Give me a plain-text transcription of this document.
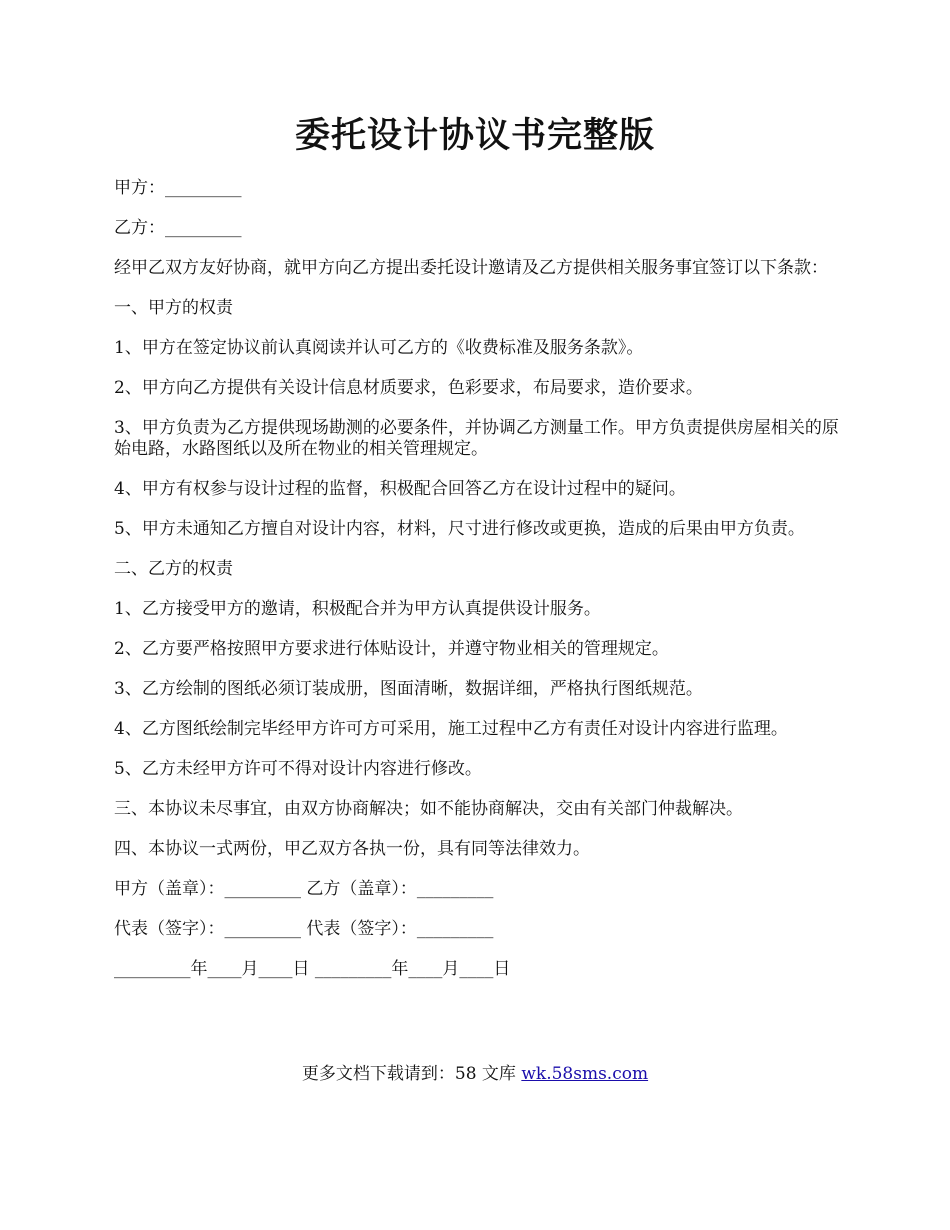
委托设计协议书完整版

甲方：_________

乙方：_________

经甲乙双方友好协商，就甲方向乙方提出委托设计邀请及乙方提供相关服务事宜签订以下条款：

一、甲方的权责

1、甲方在签定协议前认真阅读并认可乙方的《收费标准及服务条款》。

2、甲方向乙方提供有关设计信息材质要求，色彩要求，布局要求，造价要求。

3、甲方负责为乙方提供现场勘测的必要条件，并协调乙方测量工作。甲方负责提供房屋相关的原始电路，水路图纸以及所在物业的相关管理规定。

4、甲方有权参与设计过程的监督，积极配合回答乙方在设计过程中的疑问。

5、甲方未通知乙方擅自对设计内容，材料，尺寸进行修改或更换，造成的后果由甲方负责。

二、乙方的权责

1、乙方接受甲方的邀请，积极配合并为甲方认真提供设计服务。

2、乙方要严格按照甲方要求进行体贴设计，并遵守物业相关的管理规定。

3、乙方绘制的图纸必须订装成册，图面清晰，数据详细，严格执行图纸规范。

4、乙方图纸绘制完毕经甲方许可方可采用，施工过程中乙方有责任对设计内容进行监理。

5、乙方未经甲方许可不得对设计内容进行修改。

三、本协议未尽事宜，由双方协商解决；如不能协商解决，交由有关部门仲裁解决。

四、本协议一式两份，甲乙双方各执一份，具有同等法律效力。

甲方（盖章）：_________ 乙方（盖章）：_________

代表（签字）：_________ 代表（签字）：_________

_________年____月____日 _________年____月____日

更多文档下载请到：58 文库 wk.58sms.com
